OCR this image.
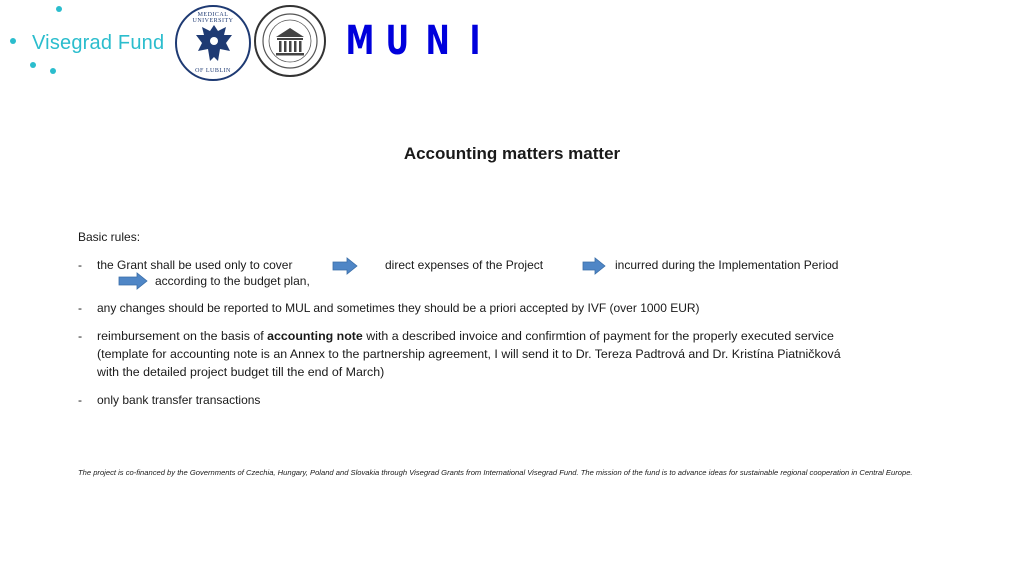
Visegrad Fund
MEDICAL UNIVERSITY
OF LUBLIN
M U N I
Accounting matters matter
Basic rules:
- the Grant shall be used only to cover	direct expenses of the Project	incurred during the Implementation Period
according to the budget plan,
- any changes should be reported to MUL and sometimes they should be a priori accepted by IVF (over 1000 EUR)
- reimbursement on the basis of accounting note with a described invoice and confirmtion of payment for the properly executed service
(template for accounting note is an Annex to the partnership agreement, I will send it to Dr. Tereza Padtrová and Dr. Kristína Piatničková
with the detailed project budget till the end of March)
- only bank transfer transactions
The project is co-financed by the Governments of Czechia, Hungary, Poland and Slovakia through Visegrad Grants from International Visegrad Fund. The mission of the fund is to advance ideas for sustainable regional cooperation in Central Europe.
